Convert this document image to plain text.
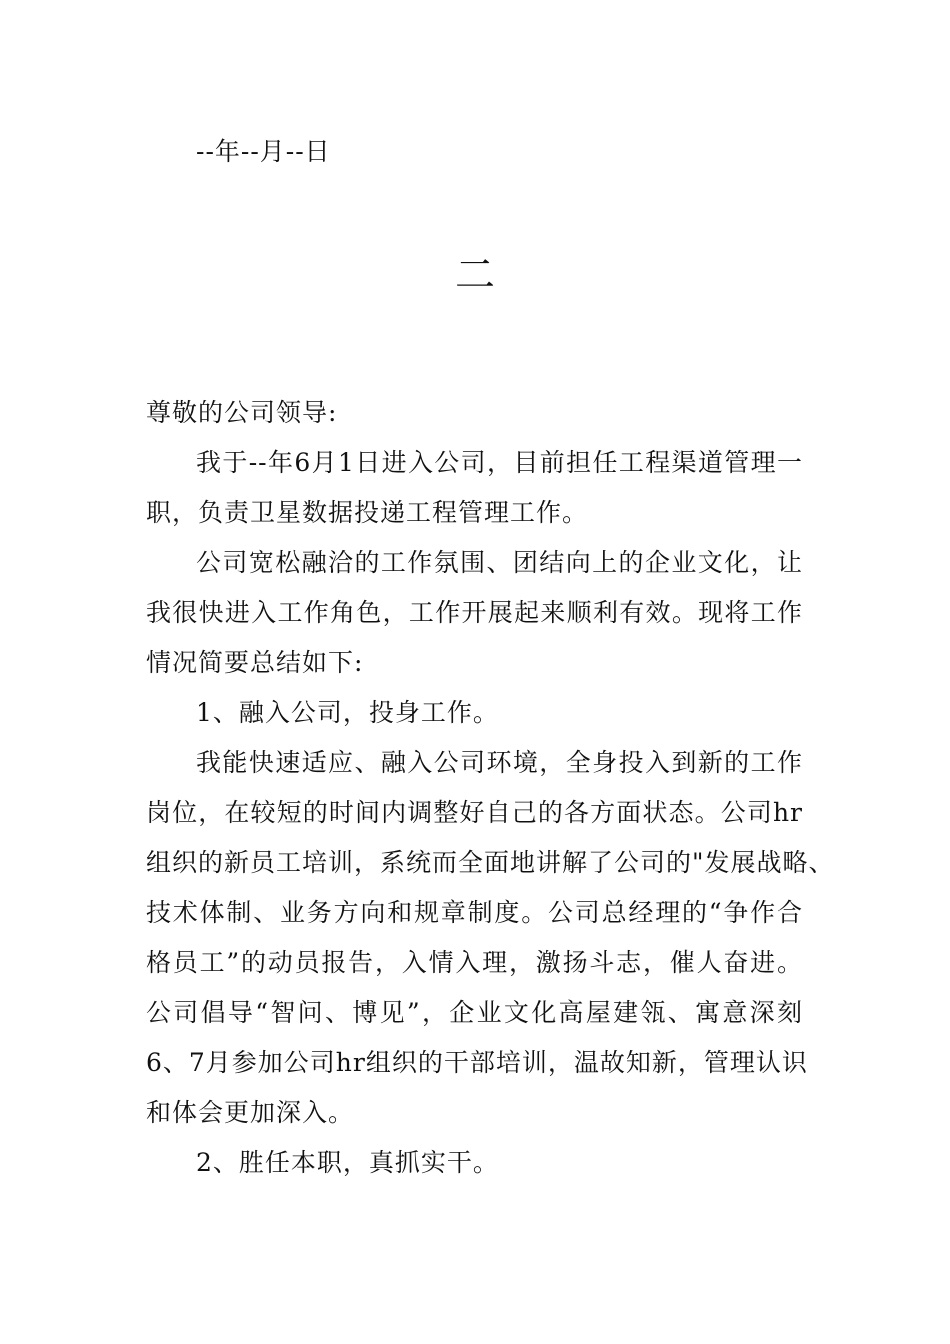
--年--月--日
二
尊敬的公司领导:
我于--年6月1日进入公司，目前担任工程渠道管理一
职，负责卫星数据投递工程管理工作。
公司宽松融洽的工作氛围、团结向上的企业文化，让
我很快进入工作角色，工作开展起来顺利有效。现将工作
情况简要总结如下:
1、融入公司，投身工作。
我能快速适应、融入公司环境，全身投入到新的工作
岗位，在较短的时间内调整好自己的各方面状态。公司hr
组织的新员工培训，系统而全面地讲解了公司的"发展战略、
技术体制、业务方向和规章制度。公司总经理的“争作合
格员工”的动员报告，入情入理，激扬斗志，催人奋进。
公司倡导“智问、博见”，企业文化高屋建瓴、寓意深刻
6、7月参加公司hr组织的干部培训，温故知新，管理认识
和体会更加深入。
2、胜任本职，真抓实干。
